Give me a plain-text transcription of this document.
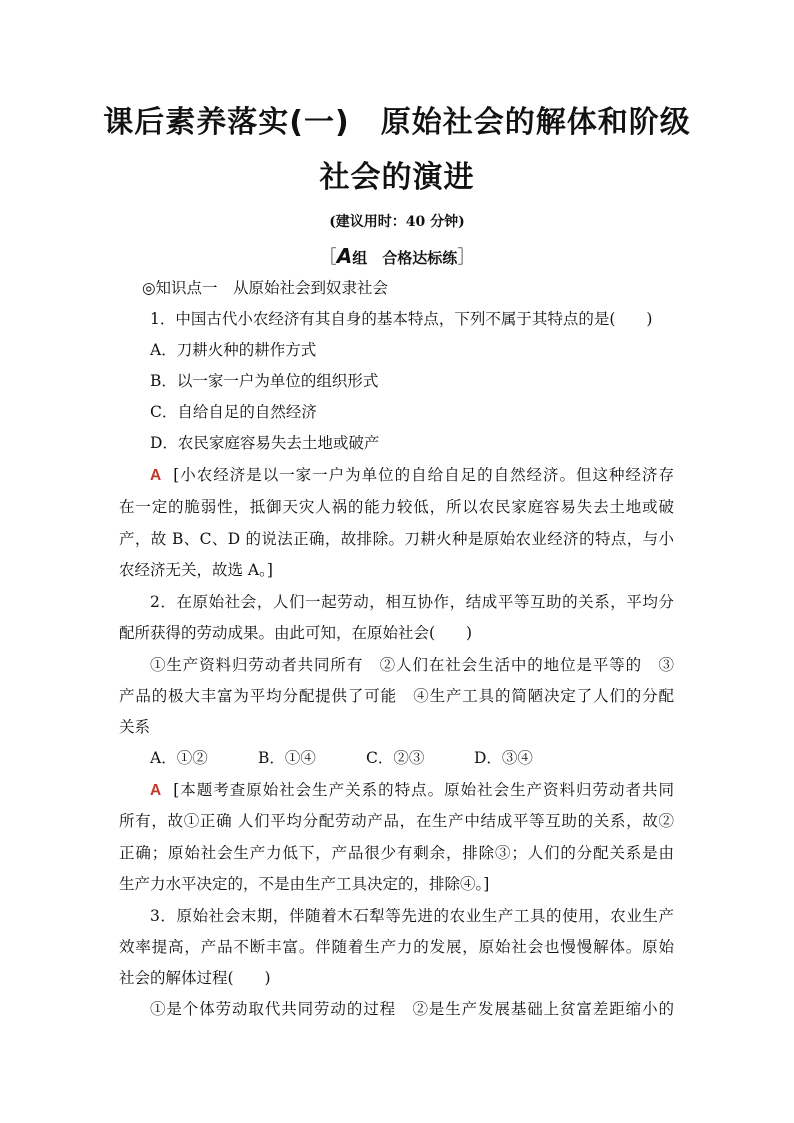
课后素养落实(一)　原始社会的解体和阶级
社会的演进
(建议用时：40 分钟)
［A组　合格达标练］
◎知识点一　从原始社会到奴隶社会
1．中国古代小农经济有其自身的基本特点，下列不属于其特点的是(　　)
A．刀耕火种的耕作方式
B．以一家一户为单位的组织形式
C．自给自足的自然经济
D．农民家庭容易失去土地或破产
A [小农经济是以一家一户为单位的自给自足的自然经济。但这种经济存
在一定的脆弱性，抵御天灾人祸的能力较低，所以农民家庭容易失去土地或破
产，故 B、C、D 的说法正确，故排除。刀耕火种是原始农业经济的特点，与小
农经济无关，故选 A。]
2．在原始社会，人们一起劳动，相互协作，结成平等互助的关系，平均分
配所获得的劳动成果。由此可知，在原始社会(　　)
①生产资料归劳动者共同所有　②人们在社会生活中的地位是平等的　③
产品的极大丰富为平均分配提供了可能　④生产工具的简陋决定了人们的分配
关系
A．①②	B．①④	C．②③	D．③④
A [本题考查原始社会生产关系的特点。原始社会生产资料归劳动者共同
所有，故①正确 人们平均分配劳动产品，在生产中结成平等互助的关系，故②
正确；原始社会生产力低下，产品很少有剩余，排除③；人们的分配关系是由
生产力水平决定的，不是由生产工具决定的，排除④。]
3．原始社会末期，伴随着木石犁等先进的农业生产工具的使用，农业生产
效率提高，产品不断丰富。伴随着生产力的发展，原始社会也慢慢解体。原始
社会的解体过程(　　)
①是个体劳动取代共同劳动的过程　②是生产发展基础上贫富差距缩小的
